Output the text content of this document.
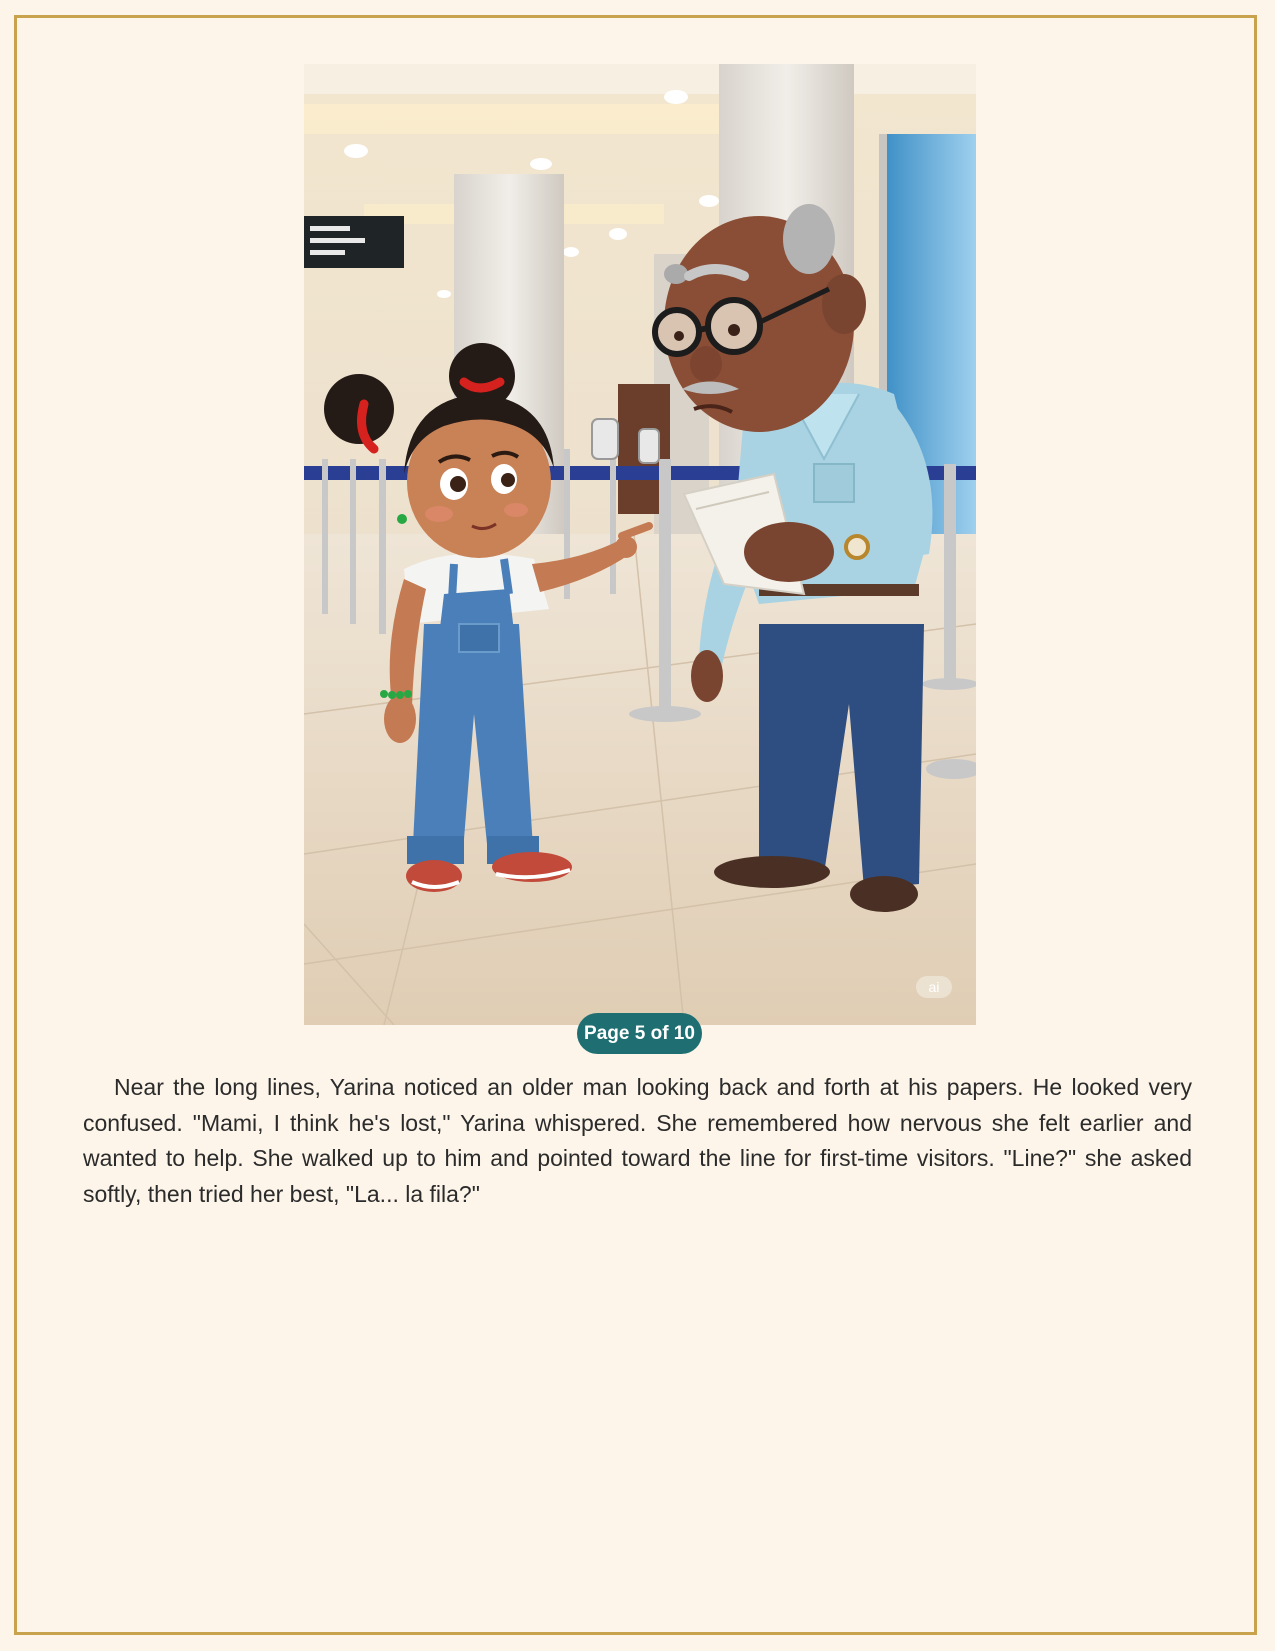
ai
Page 5 of 10

Near the long lines, Yarina noticed an older man looking back and forth at his papers. He looked very confused. "Mami, I think he's lost," Yarina whispered. She remembered how nervous she felt earlier and wanted to help. She walked up to him and pointed toward the line for first-time visitors. "Line?" she asked softly, then tried her best, "La... la fila?"
